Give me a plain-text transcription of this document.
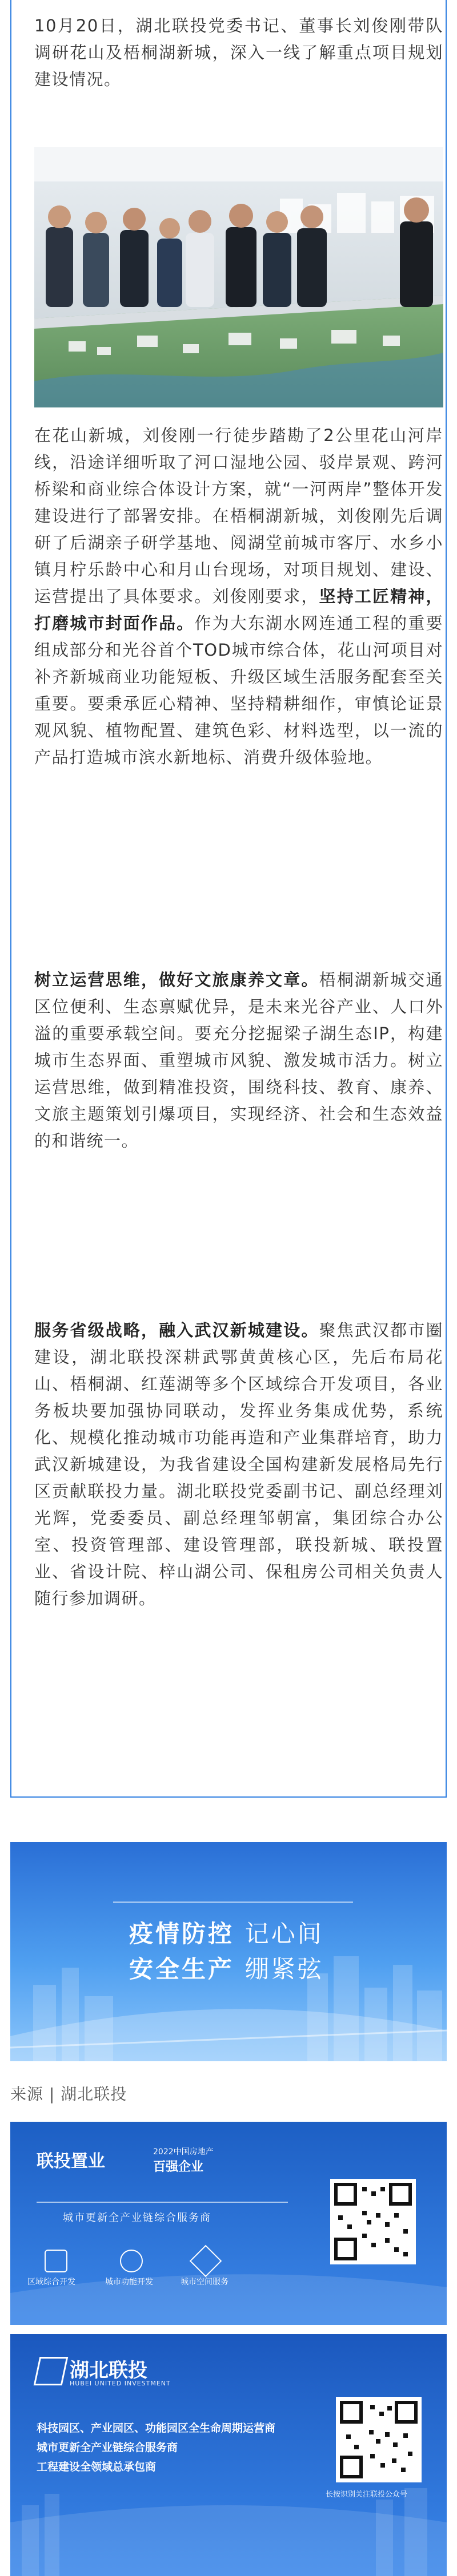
10月20日，湖北联投党委书记、董事长刘俊刚带队调研花山及梧桐湖新城，深入一线了解重点项目规划建设情况。

在花山新城，刘俊刚一行徒步踏勘了2公里花山河岸线，沿途详细听取了河口湿地公园、驳岸景观、跨河桥梁和商业综合体设计方案，就“一河两岸”整体开发建设进行了部署安排。在梧桐湖新城，刘俊刚先后调研了后湖亲子研学基地、阅湖堂前城市客厅、水乡小镇月柠乐龄中心和月山台现场，对项目规划、建设、运营提出了具体要求。刘俊刚要求，坚持工匠精神，打磨城市封面作品。作为大东湖水网连通工程的重要组成部分和光谷首个TOD城市综合体，花山河项目对补齐新城商业功能短板、升级区域生活服务配套至关重要。要秉承匠心精神、坚持精耕细作，审慎论证景观风貌、植物配置、建筑色彩、材料选型，以一流的产品打造城市滨水新地标、消费升级体验地。

树立运营思维，做好文旅康养文章。梧桐湖新城交通区位便利、生态禀赋优异，是未来光谷产业、人口外溢的重要承载空间。要充分挖掘梁子湖生态IP，构建城市生态界面、重塑城市风貌、激发城市活力。树立运营思维，做到精准投资，围绕科技、教育、康养、文旅主题策划引爆项目，实现经济、社会和生态效益的和谐统一。

服务省级战略，融入武汉新城建设。聚焦武汉都市圈建设，湖北联投深耕武鄂黄黄核心区，先后布局花山、梧桐湖、红莲湖等多个区域综合开发项目，各业务板块要加强协同联动，发挥业务集成优势，系统化、规模化推动城市功能再造和产业集群培育，助力武汉新城建设，为我省建设全国构建新发展格局先行区贡献联投力量。湖北联投党委副书记、副总经理刘光辉，党委委员、副总经理邹朝富，集团综合办公室、投资管理部、建设管理部，联投新城、联投置业、省设计院、梓山湖公司、保租房公司相关负责人随行参加调研。

疫情防控 记心间
安全生产 绷紧弦
来源 | 湖北联投
联投置业	2022中国房地产
百强企业
城市更新全产业链综合服务商
区域综合开发	城市功能开发	城市空间服务
湖北联投
HUBEI UNITED INVESTMENT
科技园区、产业园区、功能园区全生命周期运营商
城市更新全产业链综合服务商
工程建设全领域总承包商
长按识别关注联投公众号
